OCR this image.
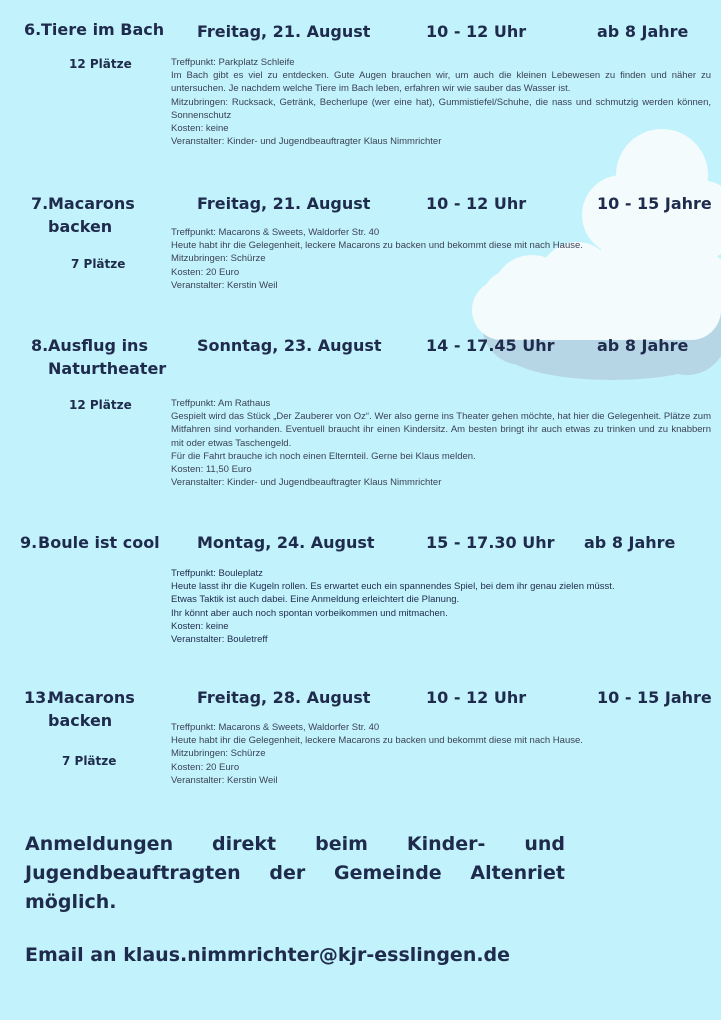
6. Tiere im Bach Freitag, 21. August	10 - 12 Uhr	ab 8 Jahre
12 Plätze	Treffpunkt: Parkplatz Schleife
Im Bach gibt es viel zu entdecken. Gute Augen brauchen wir, um auch die kleinen Lebewesen zu finden und näher zu untersuchen. Je nachdem welche Tiere im Bach leben, erfahren wir wie sauber das Wasser ist.
Mitzubringen: Rucksack, Getränk, Becherlupe (wer eine hat), Gummistiefel/Schuhe, die nass und schmutzig werden können, Sonnenschutz
Kosten: keine
Veranstalter: Kinder- und Jugendbeauftragter Klaus Nimmrichter
7. Macarons backen
Freitag, 21. August	10 - 12 Uhr	10 - 15 Jahre
7 Plätze
Treffpunkt: Macarons & Sweets, Waldorfer Str. 40
Heute habt ihr die Gelegenheit, leckere Macarons zu backen und bekommt diese mit nach Hause.
Mitzubringen: Schürze
Kosten: 20 Euro
Veranstalter: Kerstin Weil
8. Ausflug ins Naturtheater
Sonntag, 23. August	14 - 17.45 Uhr	ab 8 Jahre
12 Plätze	Treffpunkt: Am Rathaus
Gespielt wird das Stück „Der Zauberer von Oz“. Wer also gerne ins Theater gehen möchte, hat hier die Gelegenheit. Plätze zum Mitfahren sind vorhanden. Eventuell braucht ihr einen Kindersitz. Am besten bringt ihr auch etwas zu trinken und zu knabbern mit oder etwas Taschengeld.
Für die Fahrt brauche ich noch einen Elternteil. Gerne bei Klaus melden.
Kosten: 11,50 Euro
Veranstalter: Kinder- und Jugendbeauftragter Klaus Nimmrichter
9. Boule ist cool Montag, 24. August	15 - 17.30 Uhr ab 8 Jahre
Treffpunkt: Bouleplatz
Heute lasst ihr die Kugeln rollen. Es erwartet euch ein spannendes Spiel, bei dem ihr genau zielen müsst.
Etwas Taktik ist auch dabei. Eine Anmeldung erleichtert die Planung.
Ihr könnt aber auch noch spontan vorbeikommen und mitmachen.
Kosten: keine
Veranstalter: Bouletreff
13.
Macarons backen
Freitag, 28. August	10 - 12 Uhr	10 - 15 Jahre
7 Plätze
Treffpunkt: Macarons & Sweets, Waldorfer Str. 40
Heute habt ihr die Gelegenheit, leckere Macarons zu backen und bekommt diese mit nach Hause.
Mitzubringen: Schürze
Kosten: 20 Euro
Veranstalter: Kerstin Weil
Anmeldungen direkt beim Kinder- und Jugendbeauftragten der Gemeinde Altenriet möglich.
Email an klaus.nimmrichter@kjr-esslingen.de
